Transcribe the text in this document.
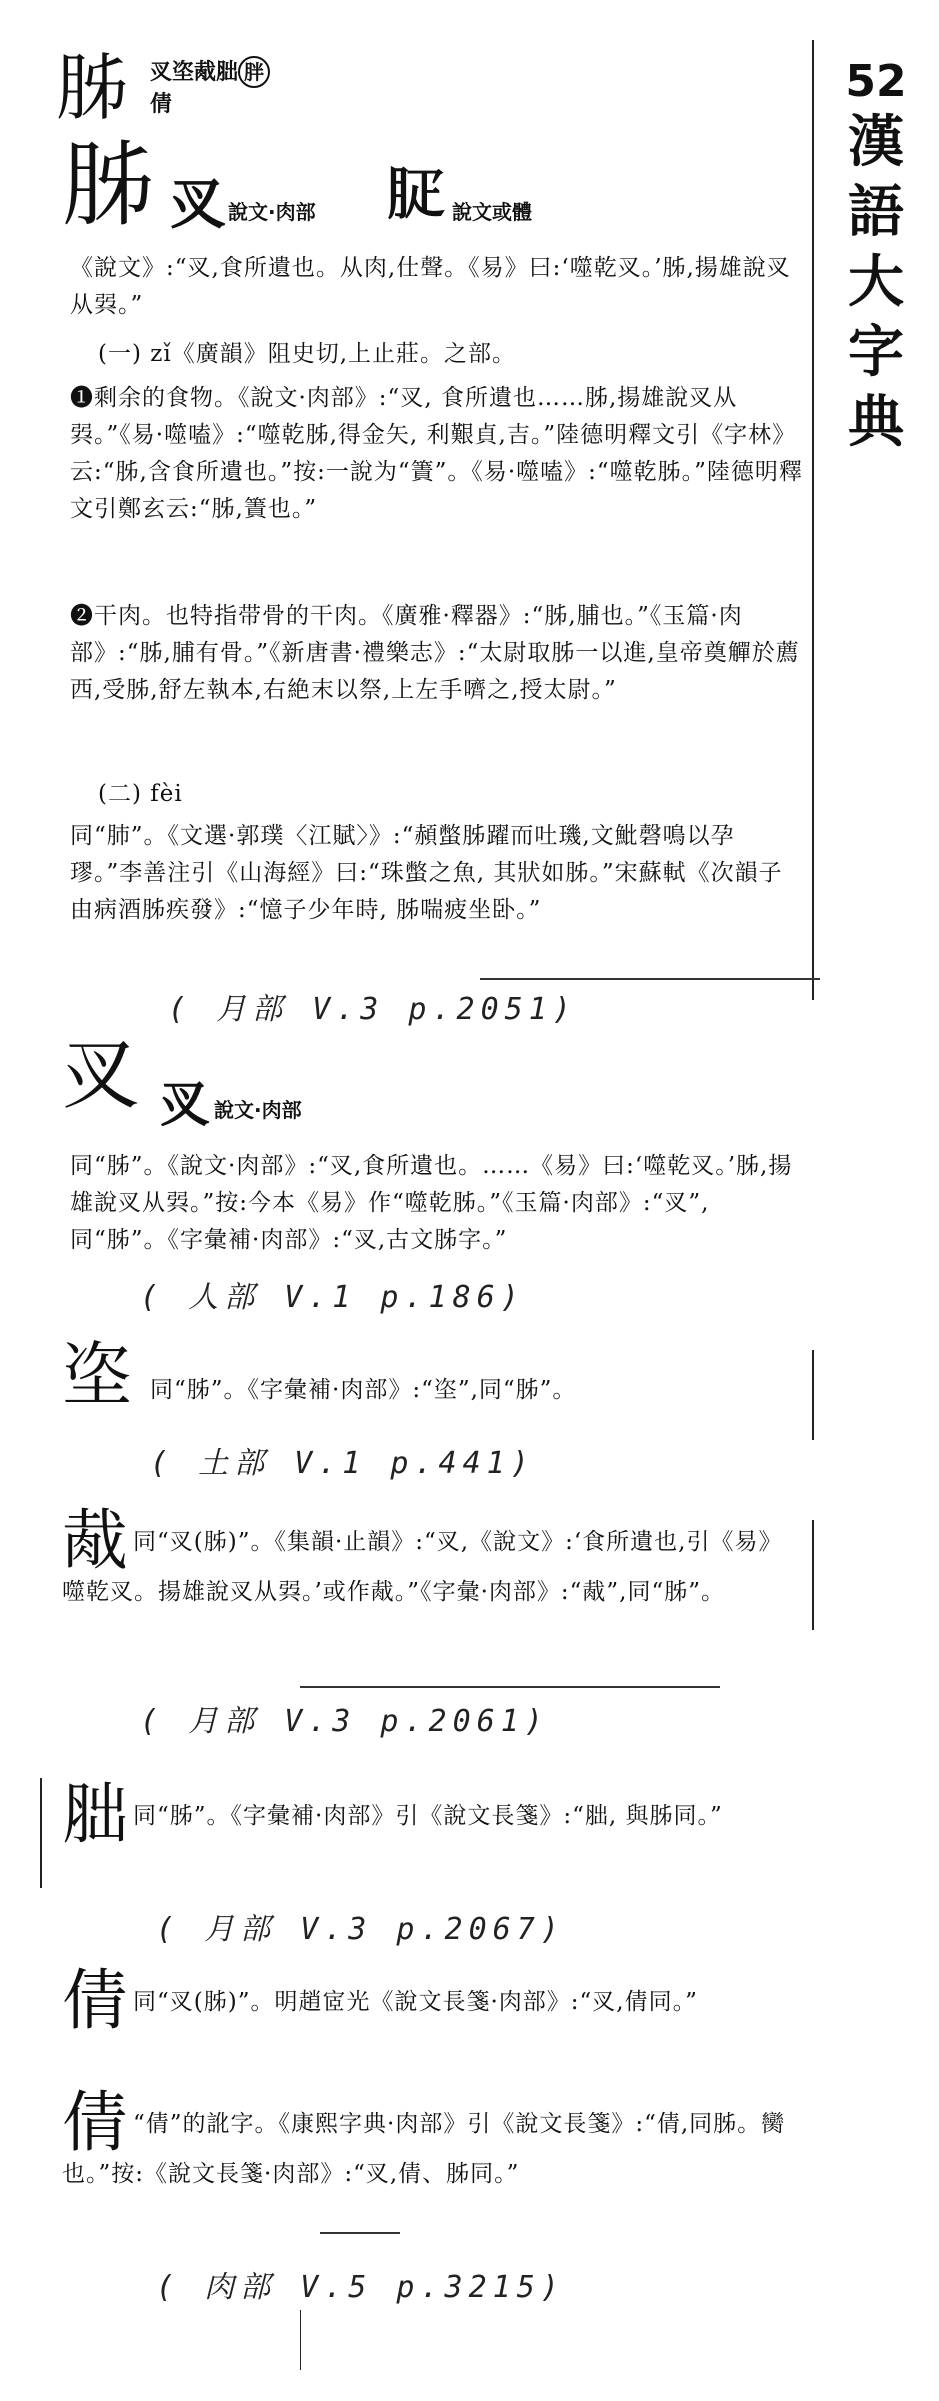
52
漢
語
大
字
典
胏 㕚垐胾胐 胖
倩
胏 㕚 說文·肉部 𦙬 說文或體
《說文》:“㕚,食所遺也。从肉,仕聲。《易》曰:‘噬乾㕚。’胏,揚雄說㕚从㢲。”
(一) zǐ《廣韻》阻史切,上止莊。之部。
❶剩余的食物。《說文·肉部》:“㕚, 食所遺也……胏,揚雄說㕚从㢲。”《易·噬嗑》:“噬乾胏,得金矢, 利艱貞,吉。”陸德明釋文引《字林》云:“胏,含食所遺也。”按:一說为“簀”。《易·噬嗑》:“噬乾胏。”陸德明釋文引鄭玄云:“胏,簀也。”
❷干肉。也特指带骨的干肉。《廣雅·釋器》:“胏,脯也。”《玉篇·肉部》:“胏,脯有骨。”《新唐書·禮樂志》:“太尉取胏一以進,皇帝奠觶於薦西,受胏,舒左執本,右絶末以祭,上左手嚌之,授太尉。”
(二) fèi
同“肺”。《文選·郭璞〈江賦〉》:“頳蟞胏躍而吐璣,文魮磬鳴以孕璆。”李善注引《山海經》曰:“珠蟞之魚, 其狀如胏。”宋蘇軾《次韻子由病酒胏疾發》:“憶子少年時, 胏喘疲坐卧。”
( 月部 V.3 p.2051)
㕚 㕚 說文·肉部
同“胏”。《說文·肉部》:“㕚,食所遺也。……《易》曰:‘噬乾㕚。’胏,揚雄說㕚从㢲。”按:今本《易》作“噬乾胏。”《玉篇·肉部》:“㕚”,同“胏”。《字彙補·肉部》:“㕚,古文胏字。”
( 人部 V.1 p.186)
垐 同“胏”。《字彙補·肉部》:“垐”,同“胏”。
( 土部 V.1 p.441)
胾同“㕚(胏)”。《集韻·止韻》:“㕚,《說文》:‘食所遺也,引《易》噬乾㕚。揚雄說㕚从㢲。’或作胾。”《字彙·肉部》:“胾”,同“胏”。
( 月部 V.3 p.2061)
胐同“胏”。《字彙補·肉部》引《說文長箋》:“胐, 與胏同。”
( 月部 V.3 p.2067)
倩同“㕚(胏)”。明趙宧光《說文長箋·肉部》:“㕚,倩同。”
倩 “倩”的訛字。《康熙字典·肉部》引《說文長箋》:“倩,同胏。臠也。”按:《說文長箋·肉部》:“㕚,倩、胏同。”
( 肉部 V.5 p.3215)
